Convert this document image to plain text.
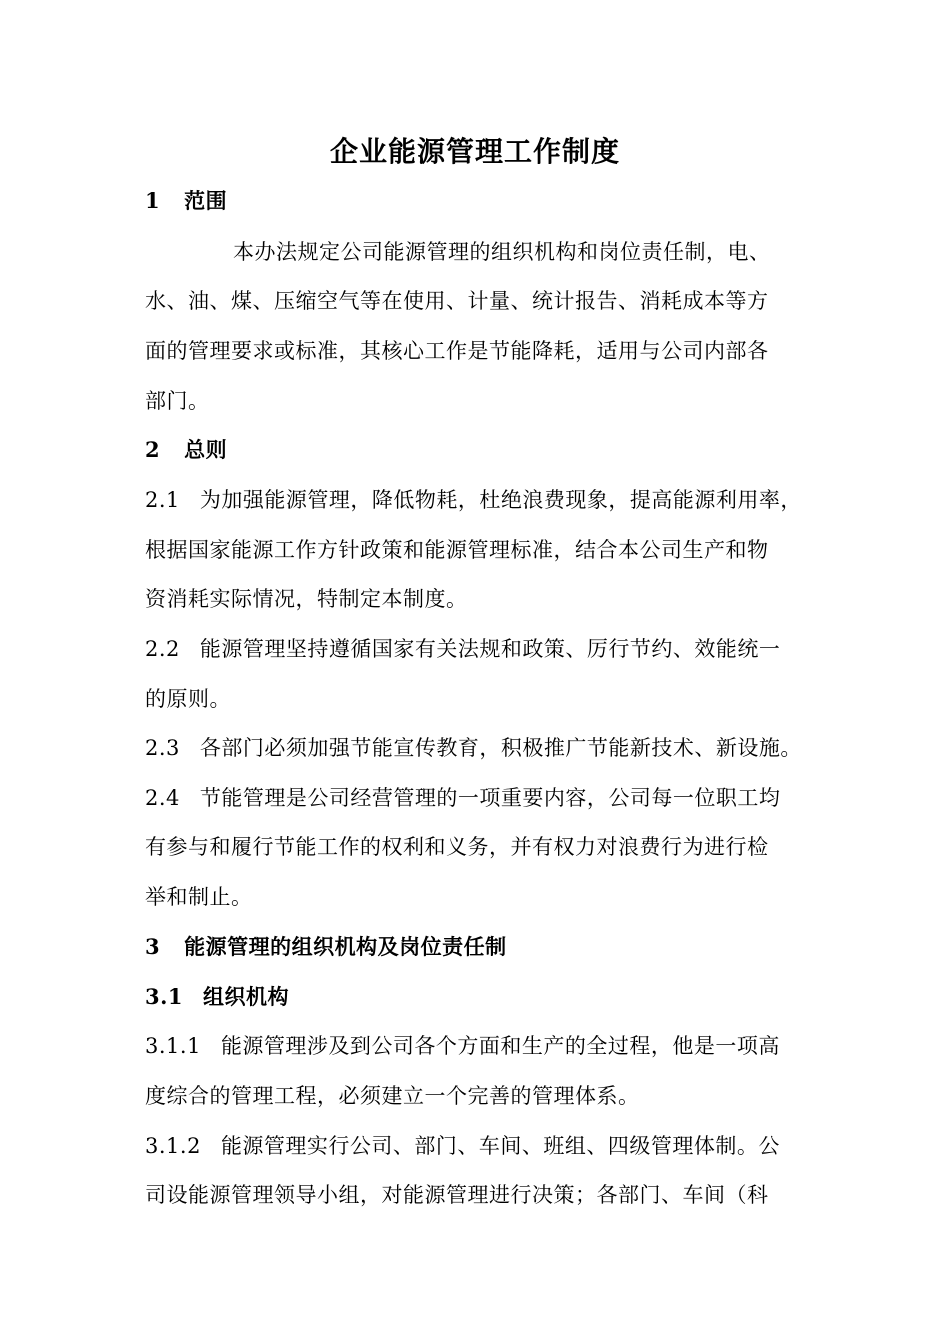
企业能源管理工作制度
1 范围
本办法规定公司能源管理的组织机构和岗位责任制，电、
水、油、煤、压缩空气等在使用、计量、统计报告、消耗成本等方
面的管理要求或标准，其核心工作是节能降耗，适用与公司内部各
部门。
2 总则
2.1 为加强能源管理，降低物耗，杜绝浪费现象，提高能源利用率，
根据国家能源工作方针政策和能源管理标准，结合本公司生产和物
资消耗实际情况，特制定本制度。
2.2 能源管理坚持遵循国家有关法规和政策、厉行节约、效能统一
的原则。
2.3 各部门必须加强节能宣传教育，积极推广节能新技术、新设施。
2.4 节能管理是公司经营管理的一项重要内容，公司每一位职工均
有参与和履行节能工作的权利和义务，并有权力对浪费行为进行检
举和制止。
3 能源管理的组织机构及岗位责任制
3.1 组织机构
3.1.1 能源管理涉及到公司各个方面和生产的全过程，他是一项高
度综合的管理工程，必须建立一个完善的管理体系。
3.1.2 能源管理实行公司、部门、车间、班组、四级管理体制。公
司设能源管理领导小组，对能源管理进行决策；各部门、车间（科
